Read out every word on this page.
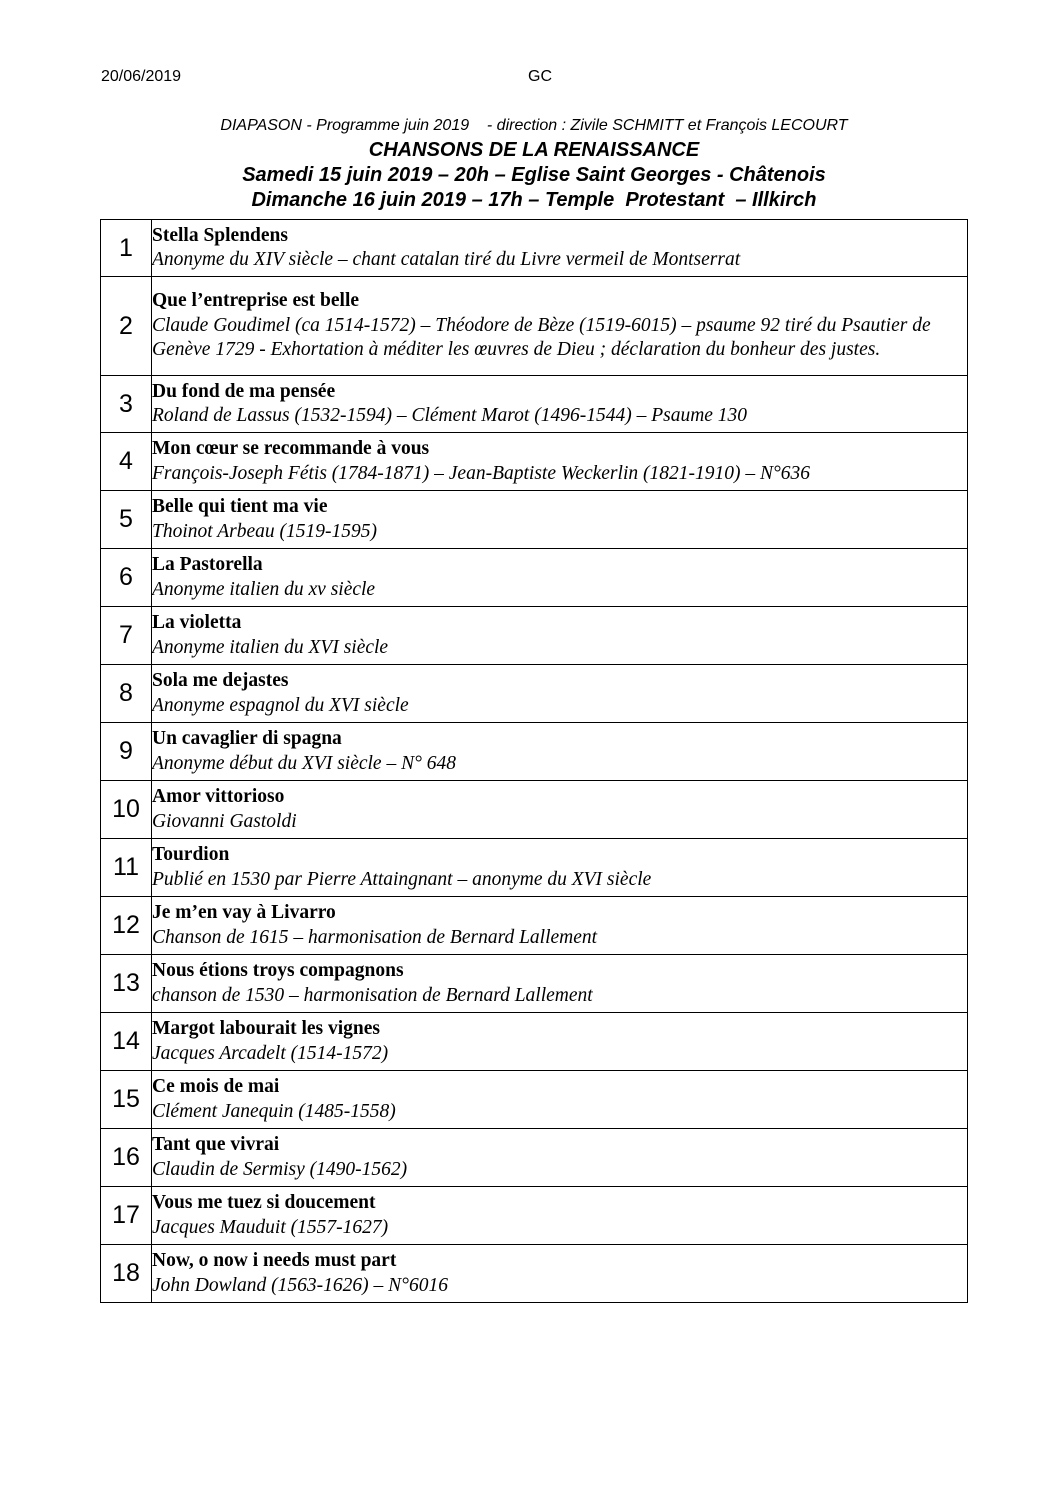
20/06/2019	GC
DIAPASON - Programme juin 2019    - direction : Zivile SCHMITT et François LECOURT
CHANSONS DE LA RENAISSANCE
Samedi 15 juin 2019 – 20h – Eglise Saint Georges - Châtenois
Dimanche 16 juin 2019 – 17h – Temple  Protestant  – Illkirch
1	Stella Splendens
Anonyme du XIV siècle – chant catalan tiré du Livre vermeil de Montserrat

2	Que l’entreprise est belle
Claude Goudimel (ca 1514-1572) – Théodore de Bèze (1519-6015) – psaume 92 tiré du Psautier de Genève 1729 - Exhortation à méditer les œuvres de Dieu ; déclaration du bonheur des justes.

3	Du fond de ma pensée
Roland de Lassus (1532-1594) – Clément Marot (1496-1544) – Psaume 130

4	Mon cœur se recommande à vous
François-Joseph Fétis (1784-1871) – Jean-Baptiste Weckerlin (1821-1910) – N°636

5	Belle qui tient ma vie
Thoinot Arbeau (1519-1595)

6	La Pastorella
Anonyme italien du xv siècle

7	La violetta
Anonyme italien du XVI siècle

8	Sola me dejastes
Anonyme espagnol du XVI siècle

9	Un cavaglier di spagna
Anonyme début du XVI siècle – N° 648

10	Amor vittorioso
Giovanni Gastoldi

11	Tourdion
Publié en 1530 par Pierre Attaingnant – anonyme du XVI siècle

12	Je m’en vay à Livarro
Chanson de 1615 – harmonisation de Bernard Lallement

13	Nous étions troys compagnons
chanson de 1530 – harmonisation de Bernard Lallement

14	Margot labourait les vignes
Jacques Arcadelt (1514-1572)

15	Ce mois de mai
Clément Janequin (1485-1558)

16	Tant que vivrai
Claudin de Sermisy (1490-1562)

17	Vous me tuez si doucement
Jacques Mauduit (1557-1627)

18	Now, o now i needs must part
John Dowland (1563-1626) – N°6016
